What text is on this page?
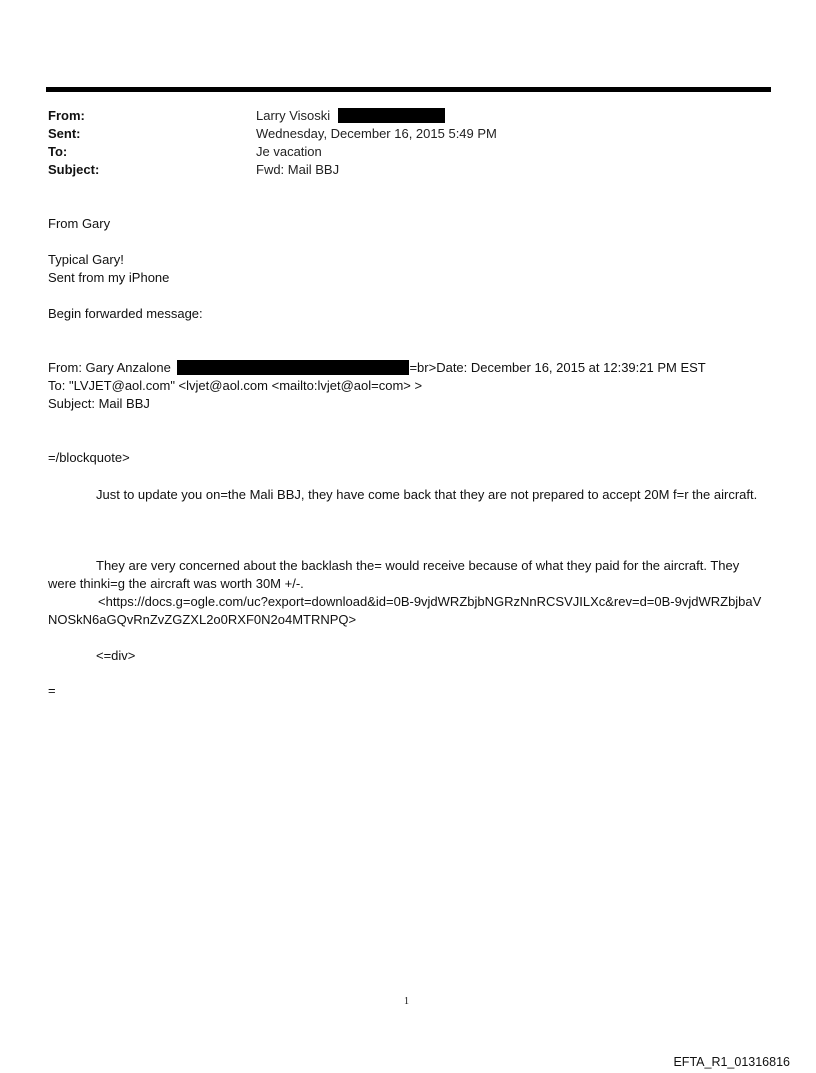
From:	Larry Visoski
Sent:	Wednesday, December 16, 2015 5:49 PM
To:	Je vacation
Subject:	Fwd: Mail BBJ
From Gary
Typical Gary!
Sent from my iPhone
Begin forwarded message:
From: Gary Anzalone	=br>Date: December 16, 2015 at 12:39:21 PM EST
To: "LVJET@aol.com" <lvjet@aol.com <mailto:lvjet@aol=com> >
Subject: Mail BBJ
=/blockquote>
Just to update you on=the Mali BBJ, they have come back that they are not prepared to accept 20M f=r the aircraft.
They are very concerned about the backlash the= would receive because of what they paid for the aircraft. They were thinki=g the aircraft was worth 30M +/-.
<https://docs.g=ogle.com/uc?export=download&id=0B-9vjdWRZbjbNGRzNnRCSVJILXc&rev=d=0B-9vjdWRZbjbaVNOSkN6aGQvRnZvZGZXL2o0RXF0N2o4MTRNPQ>
<=div>
=
1
EFTA_R1_01316816
